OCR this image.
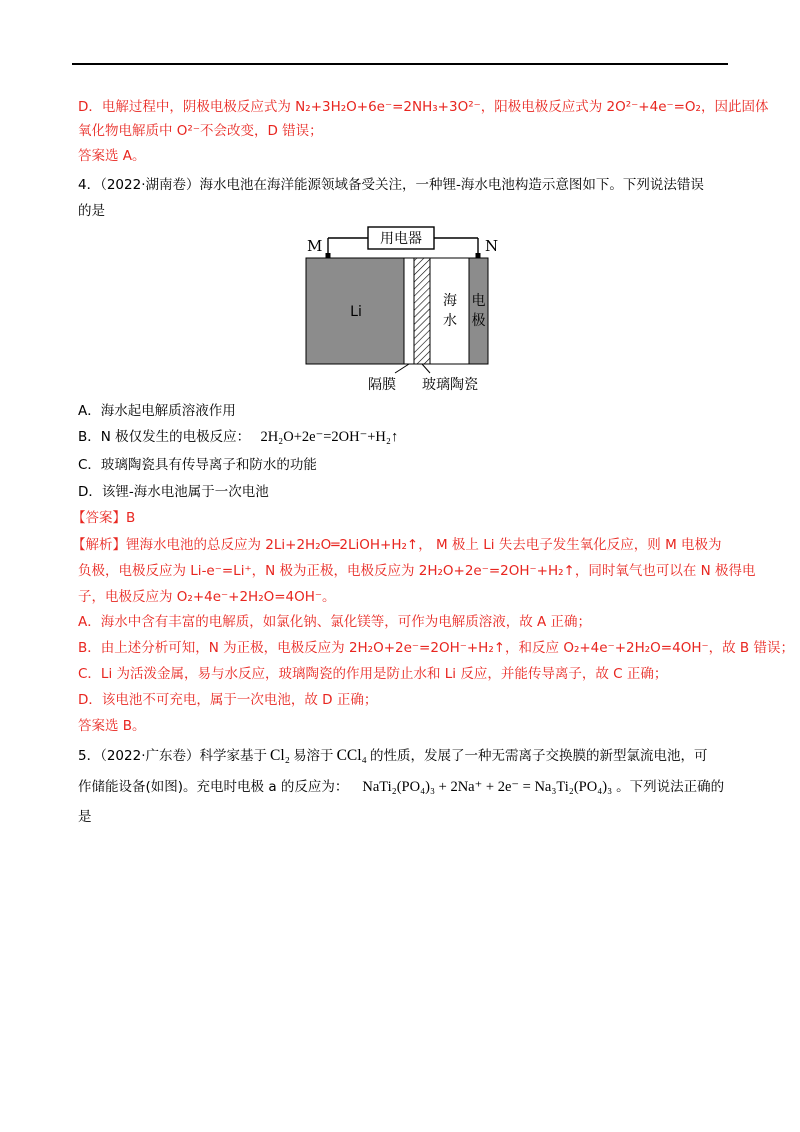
D．电解过程中，阴极电极反应式为 N₂+3H₂O+6e⁻=2NH₃+3O²⁻，阳极电极反应式为 2O²⁻+4e⁻=O₂，因此固体
氧化物电解质中 O²⁻不会改变，D 错误；
答案选 A。
4．（2022·湖南卷）海水电池在海洋能源领域备受关注，一种锂-海水电池构造示意图如下。下列说法错误
的是
用电器
M	N
Li
海
水
电
极
隔膜 玻璃陶瓷
A．海水起电解质溶液作用
B．N 极仅发生的电极反应： 2H₂O+2e⁻=2OH⁻+H₂↑
C．玻璃陶瓷具有传导离子和防水的功能
D．该锂-海水电池属于一次电池
【答案】B
【解析】锂海水电池的总反应为 2Li+2H₂O═2LiOH+H₂↑， M 极上 Li 失去电子发生氧化反应，则 M 电极为
负极，电极反应为 Li-e⁻=Li⁺，N 极为正极，电极反应为 2H₂O+2e⁻=2OH⁻+H₂↑，同时氧气也可以在 N 极得电
子，电极反应为 O₂+4e⁻+2H₂O=4OH⁻。
A．海水中含有丰富的电解质，如氯化钠、氯化镁等，可作为电解质溶液，故 A 正确；
B．由上述分析可知，N 为正极，电极反应为 2H₂O+2e⁻=2OH⁻+H₂↑，和反应 O₂+4e⁻+2H₂O=4OH⁻，故 B 错误；
C．Li 为活泼金属，易与水反应，玻璃陶瓷的作用是防止水和 Li 反应，并能传导离子，故 C 正确；
D．该电池不可充电，属于一次电池，故 D 正确；
答案选 B。
5．（2022·广东卷）科学家基于 Cl₂ 易溶于 CCl₄ 的性质，发展了一种无需离子交换膜的新型氯流电池，可
作储能设备(如图)。充电时电极 a 的反应为： NaTi₂(PO₄)₃ + 2Na⁺ + 2e⁻ = Na₃Ti₂(PO₄)₃ 。下列说法正确的
是
